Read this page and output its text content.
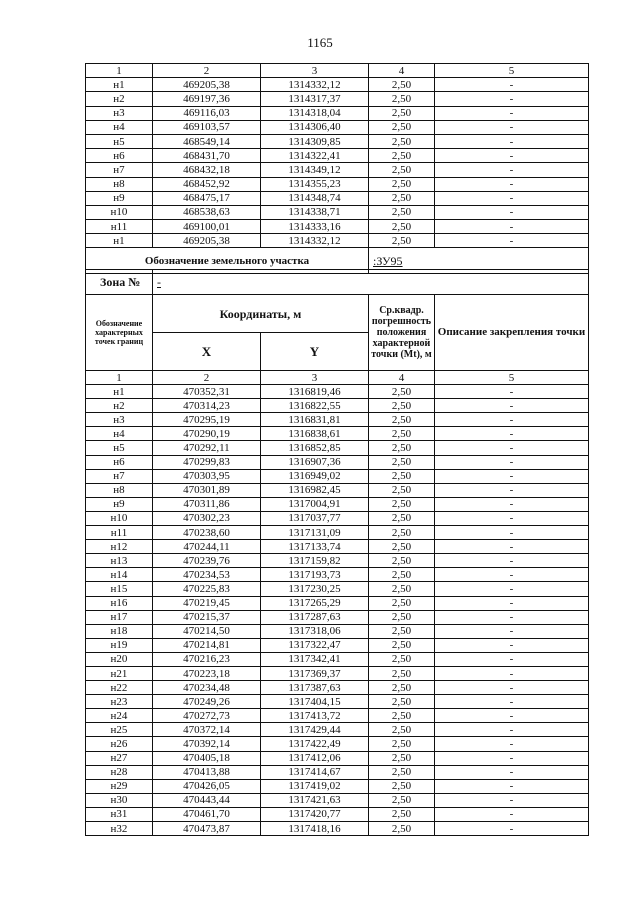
1165
1	2	3	4	5
н1	469205,38	1314332,12	2,50	-
н2	469197,36	1314317,37	2,50	-
н3	469116,03	1314318,04	2,50	-
н4	469103,57	1314306,40	2,50	-
н5	468549,14	1314309,85	2,50	-
н6	468431,70	1314322,41	2,50	-
н7	468432,18	1314349,12	2,50	-
н8	468452,92	1314355,23	2,50	-
н9	468475,17	1314348,74	2,50	-
н10	468538,63	1314338,71	2,50	-
н11	469100,01	1314333,16	2,50	-
н1	469205,38	1314332,12	2,50	-
Обозначение земельного участка			:ЗУ95	
Зона №	-			
Обозначение характерных точек границ	Координаты, м		Ср.квадр. погрешность положения характерной точки (Mt), м	Описание закрепления точки
	X	Y		
1	2	3	4	5
н1	470352,31	1316819,46	2,50	-
н2	470314,23	1316822,55	2,50	-
н3	470295,19	1316831,81	2,50	-
н4	470290,19	1316838,61	2,50	-
н5	470292,11	1316852,85	2,50	-
н6	470299,83	1316907,36	2,50	-
н7	470303,95	1316949,02	2,50	-
н8	470301,89	1316982,45	2,50	-
н9	470311,86	1317004,91	2,50	-
н10	470302,23	1317037,77	2,50	-
н11	470238,60	1317131,09	2,50	-
н12	470244,11	1317133,74	2,50	-
н13	470239,76	1317159,82	2,50	-
н14	470234,53	1317193,73	2,50	-
н15	470225,83	1317230,25	2,50	-
н16	470219,45	1317265,29	2,50	-
н17	470215,37	1317287,63	2,50	-
н18	470214,50	1317318,06	2,50	-
н19	470214,81	1317322,47	2,50	-
н20	470216,23	1317342,41	2,50	-
н21	470223,18	1317369,37	2,50	-
н22	470234,48	1317387,63	2,50	-
н23	470249,26	1317404,15	2,50	-
н24	470272,73	1317413,72	2,50	-
н25	470372,14	1317429,44	2,50	-
н26	470392,14	1317422,49	2,50	-
н27	470405,18	1317412,06	2,50	-
н28	470413,88	1317414,67	2,50	-
н29	470426,05	1317419,02	2,50	-
н30	470443,44	1317421,63	2,50	-
н31	470461,70	1317420,77	2,50	-
н32	470473,87	1317418,16	2,50	-
